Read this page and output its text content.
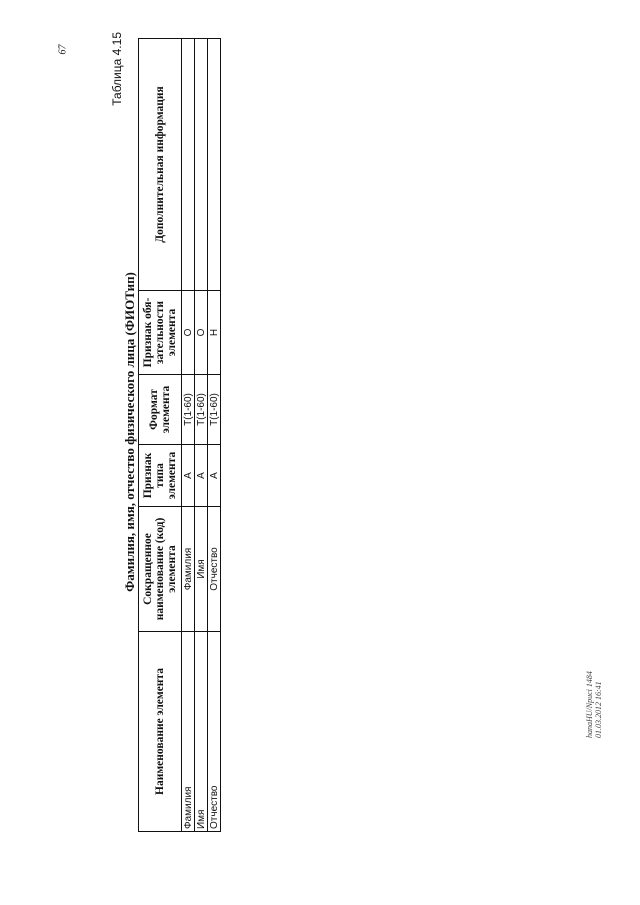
67	Таблица 4.15
Фамилия, имя, отчество физического лица (ФИОТип)
Наименование элемента	Сокращенное наименование (код) элемента	Признак типа элемента	Формат элемента	Признак обя-зательности элемента	Дополнительная информация
Фамилия	Фамилия	А	T(1-60)	О	
Имя	Имя	А	T(1-60)	О	
Отчество	Отчество	А	T(1-60)	Н	
hanaHU/Npuci 1484 01.03.2012 16:41
